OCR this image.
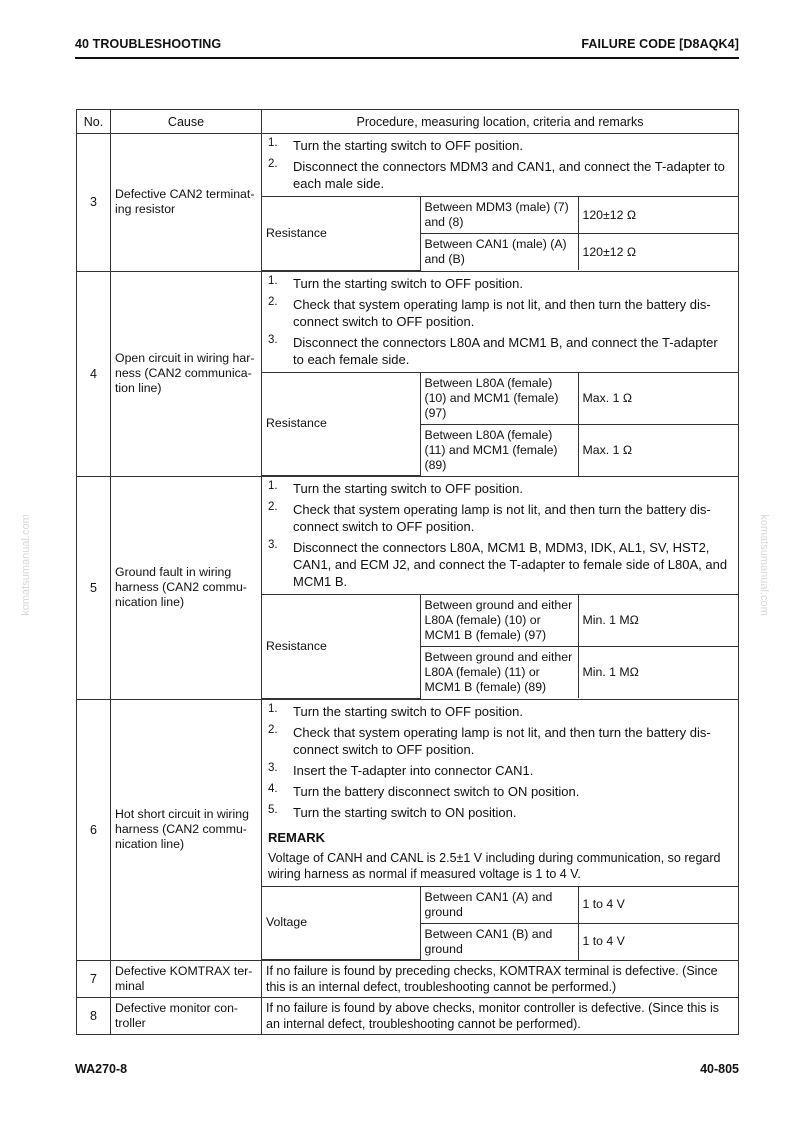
40 TROUBLESHOOTING	FAILURE CODE [D8AQK4]
komatsumanual.com	komatsumanual.com
No.	Cause	Procedure, measuring location, criteria and remarks
3	Defective CAN2 terminat-ing resistor	
1.	Turn the starting switch to OFF position.
2.	Disconnect the connectors MDM3 and CAN1, and connect the T-adapter to each male side.
Resistance	Between MDM3 (male) (7) and (8)	120±12 Ω
Between CAN1 (male) (A) and (B)	120±12 Ω

4	Open circuit in wiring har-ness (CAN2 communica-tion line)	
1.	Turn the starting switch to OFF position.
2.	Check that system operating lamp is not lit, and then turn the battery dis-connect switch to OFF position.
3.	Disconnect the connectors L80A and MCM1 B, and connect the T-adapter to each female side.
Resistance	Between L80A (female) (10) and MCM1 (female) (97)	Max. 1 Ω
Between L80A (female) (11) and MCM1 (female) (89)	Max. 1 Ω

5	Ground fault in wiring harness (CAN2 commu-nication line)	
1.	Turn the starting switch to OFF position.
2.	Check that system operating lamp is not lit, and then turn the battery dis-connect switch to OFF position.
3.	Disconnect the connectors L80A, MCM1 B, MDM3, IDK, AL1, SV, HST2, CAN1, and ECM J2, and connect the T-adapter to female side of L80A, and MCM1 B.
Resistance	Between ground and either L80A (female) (10) or MCM1 B (female) (97)	Min. 1 MΩ
Between ground and either L80A (female) (11) or MCM1 B (female) (89)	Min. 1 MΩ

6	Hot short circuit in wiring harness (CAN2 commu-nication line)	
1.	Turn the starting switch to OFF position.
2.	Check that system operating lamp is not lit, and then turn the battery dis-connect switch to OFF position.
3.	Insert the T-adapter into connector CAN1.
4.	Turn the battery disconnect switch to ON position.
5.	Turn the starting switch to ON position.
REMARK
Voltage of CANH and CANL is 2.5±1 V including during communication, so regard wiring harness as normal if measured voltage is 1 to 4 V.
Voltage	Between CAN1 (A) and ground	1 to 4 V
Between CAN1 (B) and ground	1 to 4 V

7	Defective KOMTRAX ter-minal	
If no failure is found by preceding checks, KOMTRAX terminal is defective. (Since this is an internal defect, troubleshooting cannot be performed.)

8	Defective monitor con-troller	
If no failure is found by above checks, monitor controller is defective. (Since this is an internal defect, troubleshooting cannot be performed).
WA270-8	40-805
